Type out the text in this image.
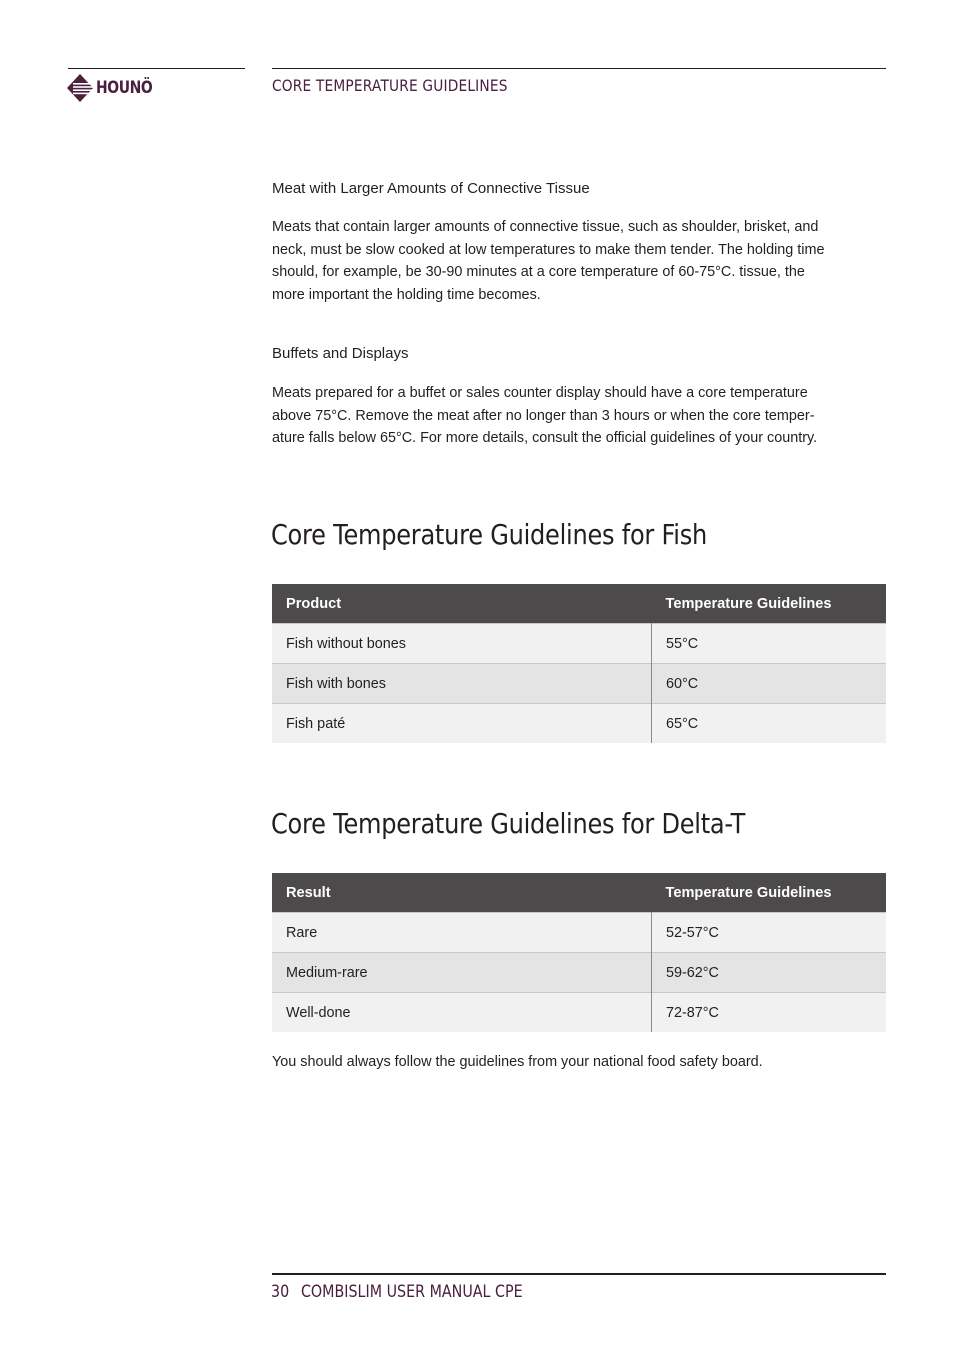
HOUNÖ	CORE TEMPERATURE GUIDELINES
Meat with Larger Amounts of Connective Tissue
Meats that contain larger amounts of connective tissue, such as shoulder, brisket, and
neck, must be slow cooked at low temperatures to make them tender. The holding time
should, for example, be 30-90 minutes at a core temperature of 60-75°C. tissue, the
more important the holding time becomes.
Buffets and Displays
Meats prepared for a buffet or sales counter display should have a core temperature
above 75°C. Remove the meat after no longer than 3 hours or when the core temper-
ature falls below 65°C. For more details, consult the official guidelines of your country.
Core Temperature Guidelines for Fish
Product	Temperature Guidelines
Fish without bones	55°C
Fish with bones	60°C
Fish paté	65°C
Core Temperature Guidelines for Delta-T
Result	Temperature Guidelines
Rare	52-57°C
Medium-rare	59-62°C
Well-done	72-87°C
You should always follow the guidelines from your national food safety board.
30 COMBISLIM USER MANUAL CPE
